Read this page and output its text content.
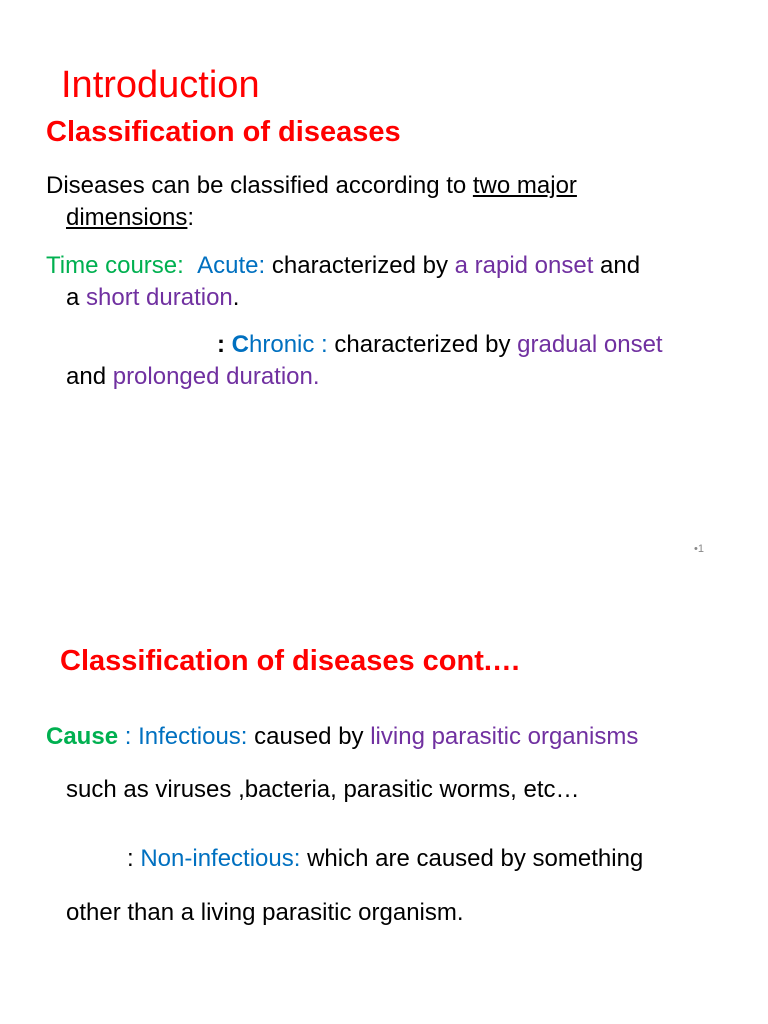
Introduction
Classification of diseases
Diseases can be classified according to two major
dimensions:
Time course: Acute: characterized by a rapid onset and
a short duration.
: Chronic : characterized by gradual onset
and prolonged duration.
•1
Classification of diseases cont.…
Cause : Infectious: caused by living parasitic organisms
such as viruses ,bacteria, parasitic worms, etc…
: Non-infectious: which are caused by something
other than a living parasitic organism.
